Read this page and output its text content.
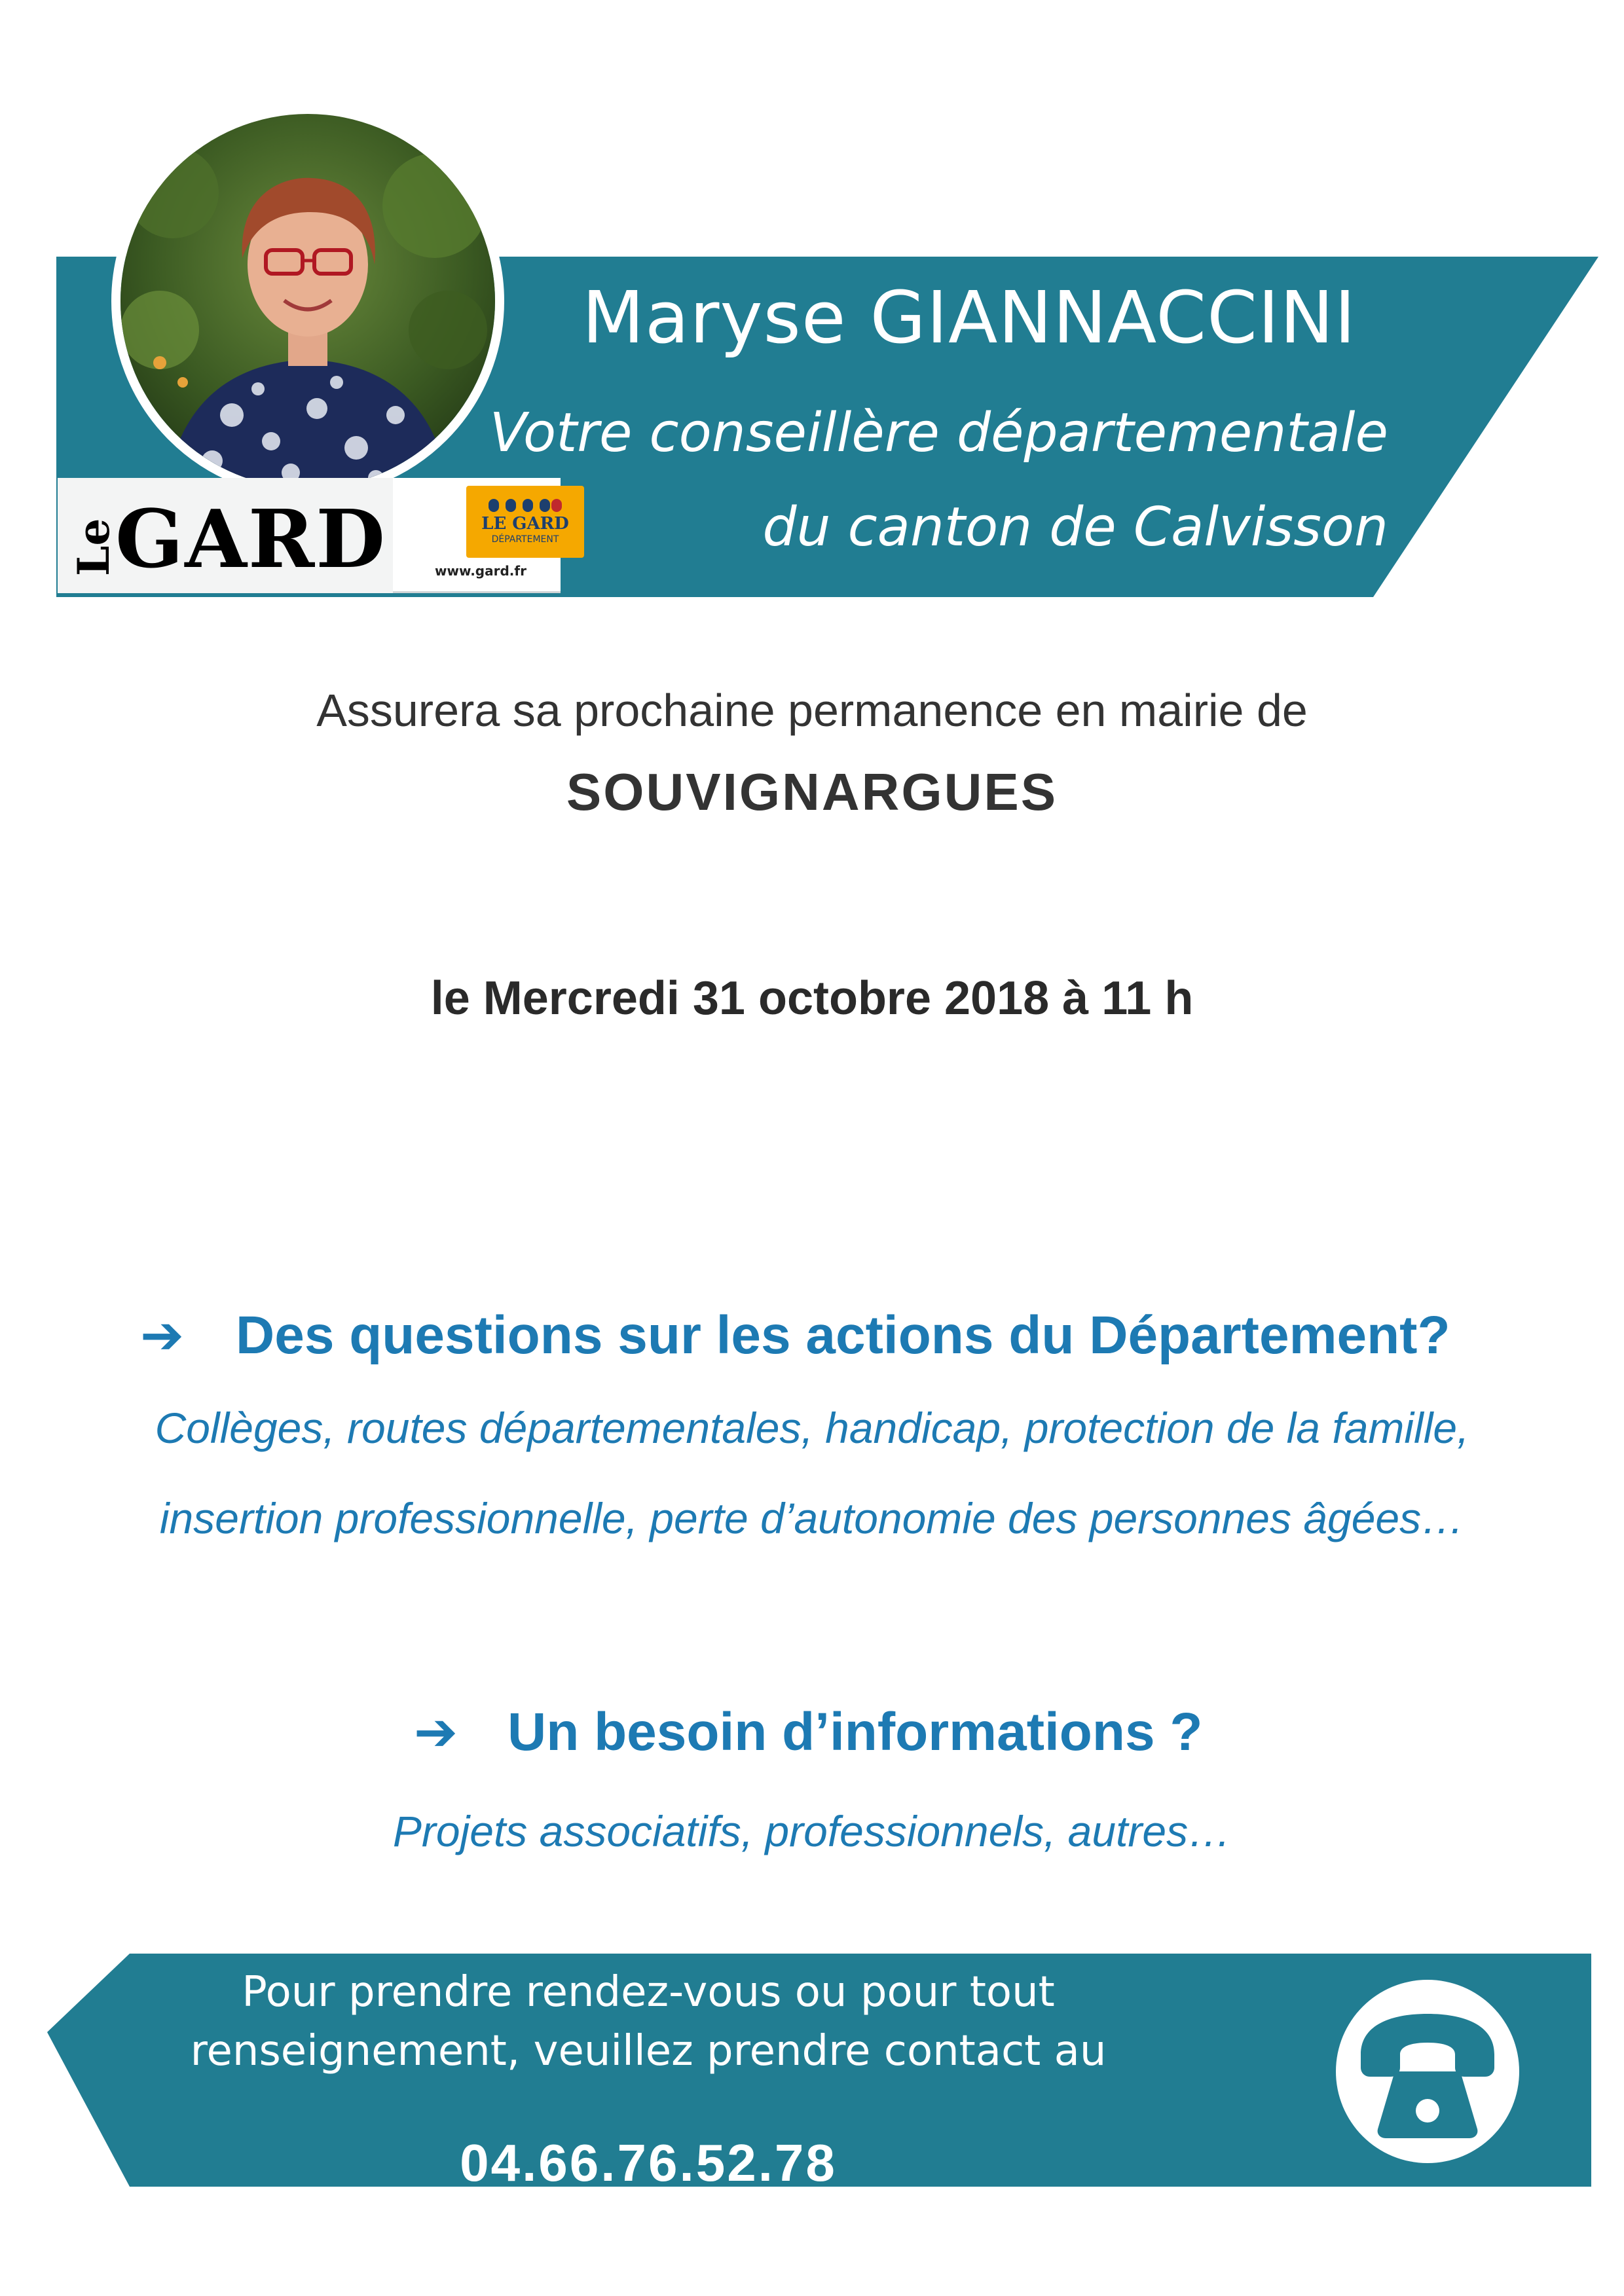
Maryse GIANNACCINI
Votre conseillère départementale
du canton de Calvisson
Le
GARD	LE GARD
DÉPARTEMENT
www.gard.fr
Assurera sa prochaine permanence en mairie de
SOUVIGNARGUES
le Mercredi 31 octobre 2018 à 11 h
➔ Des questions sur les actions du Département?
Collèges, routes départementales, handicap, protection de la famille,
insertion professionnelle, perte d’autonomie des personnes âgées…
➔ Un besoin d’informations ?
Projets associatifs, professionnels, autres…
Pour prendre rendez-vous ou pour tout
renseignement, veuillez prendre contact au
04.66.76.52.78
